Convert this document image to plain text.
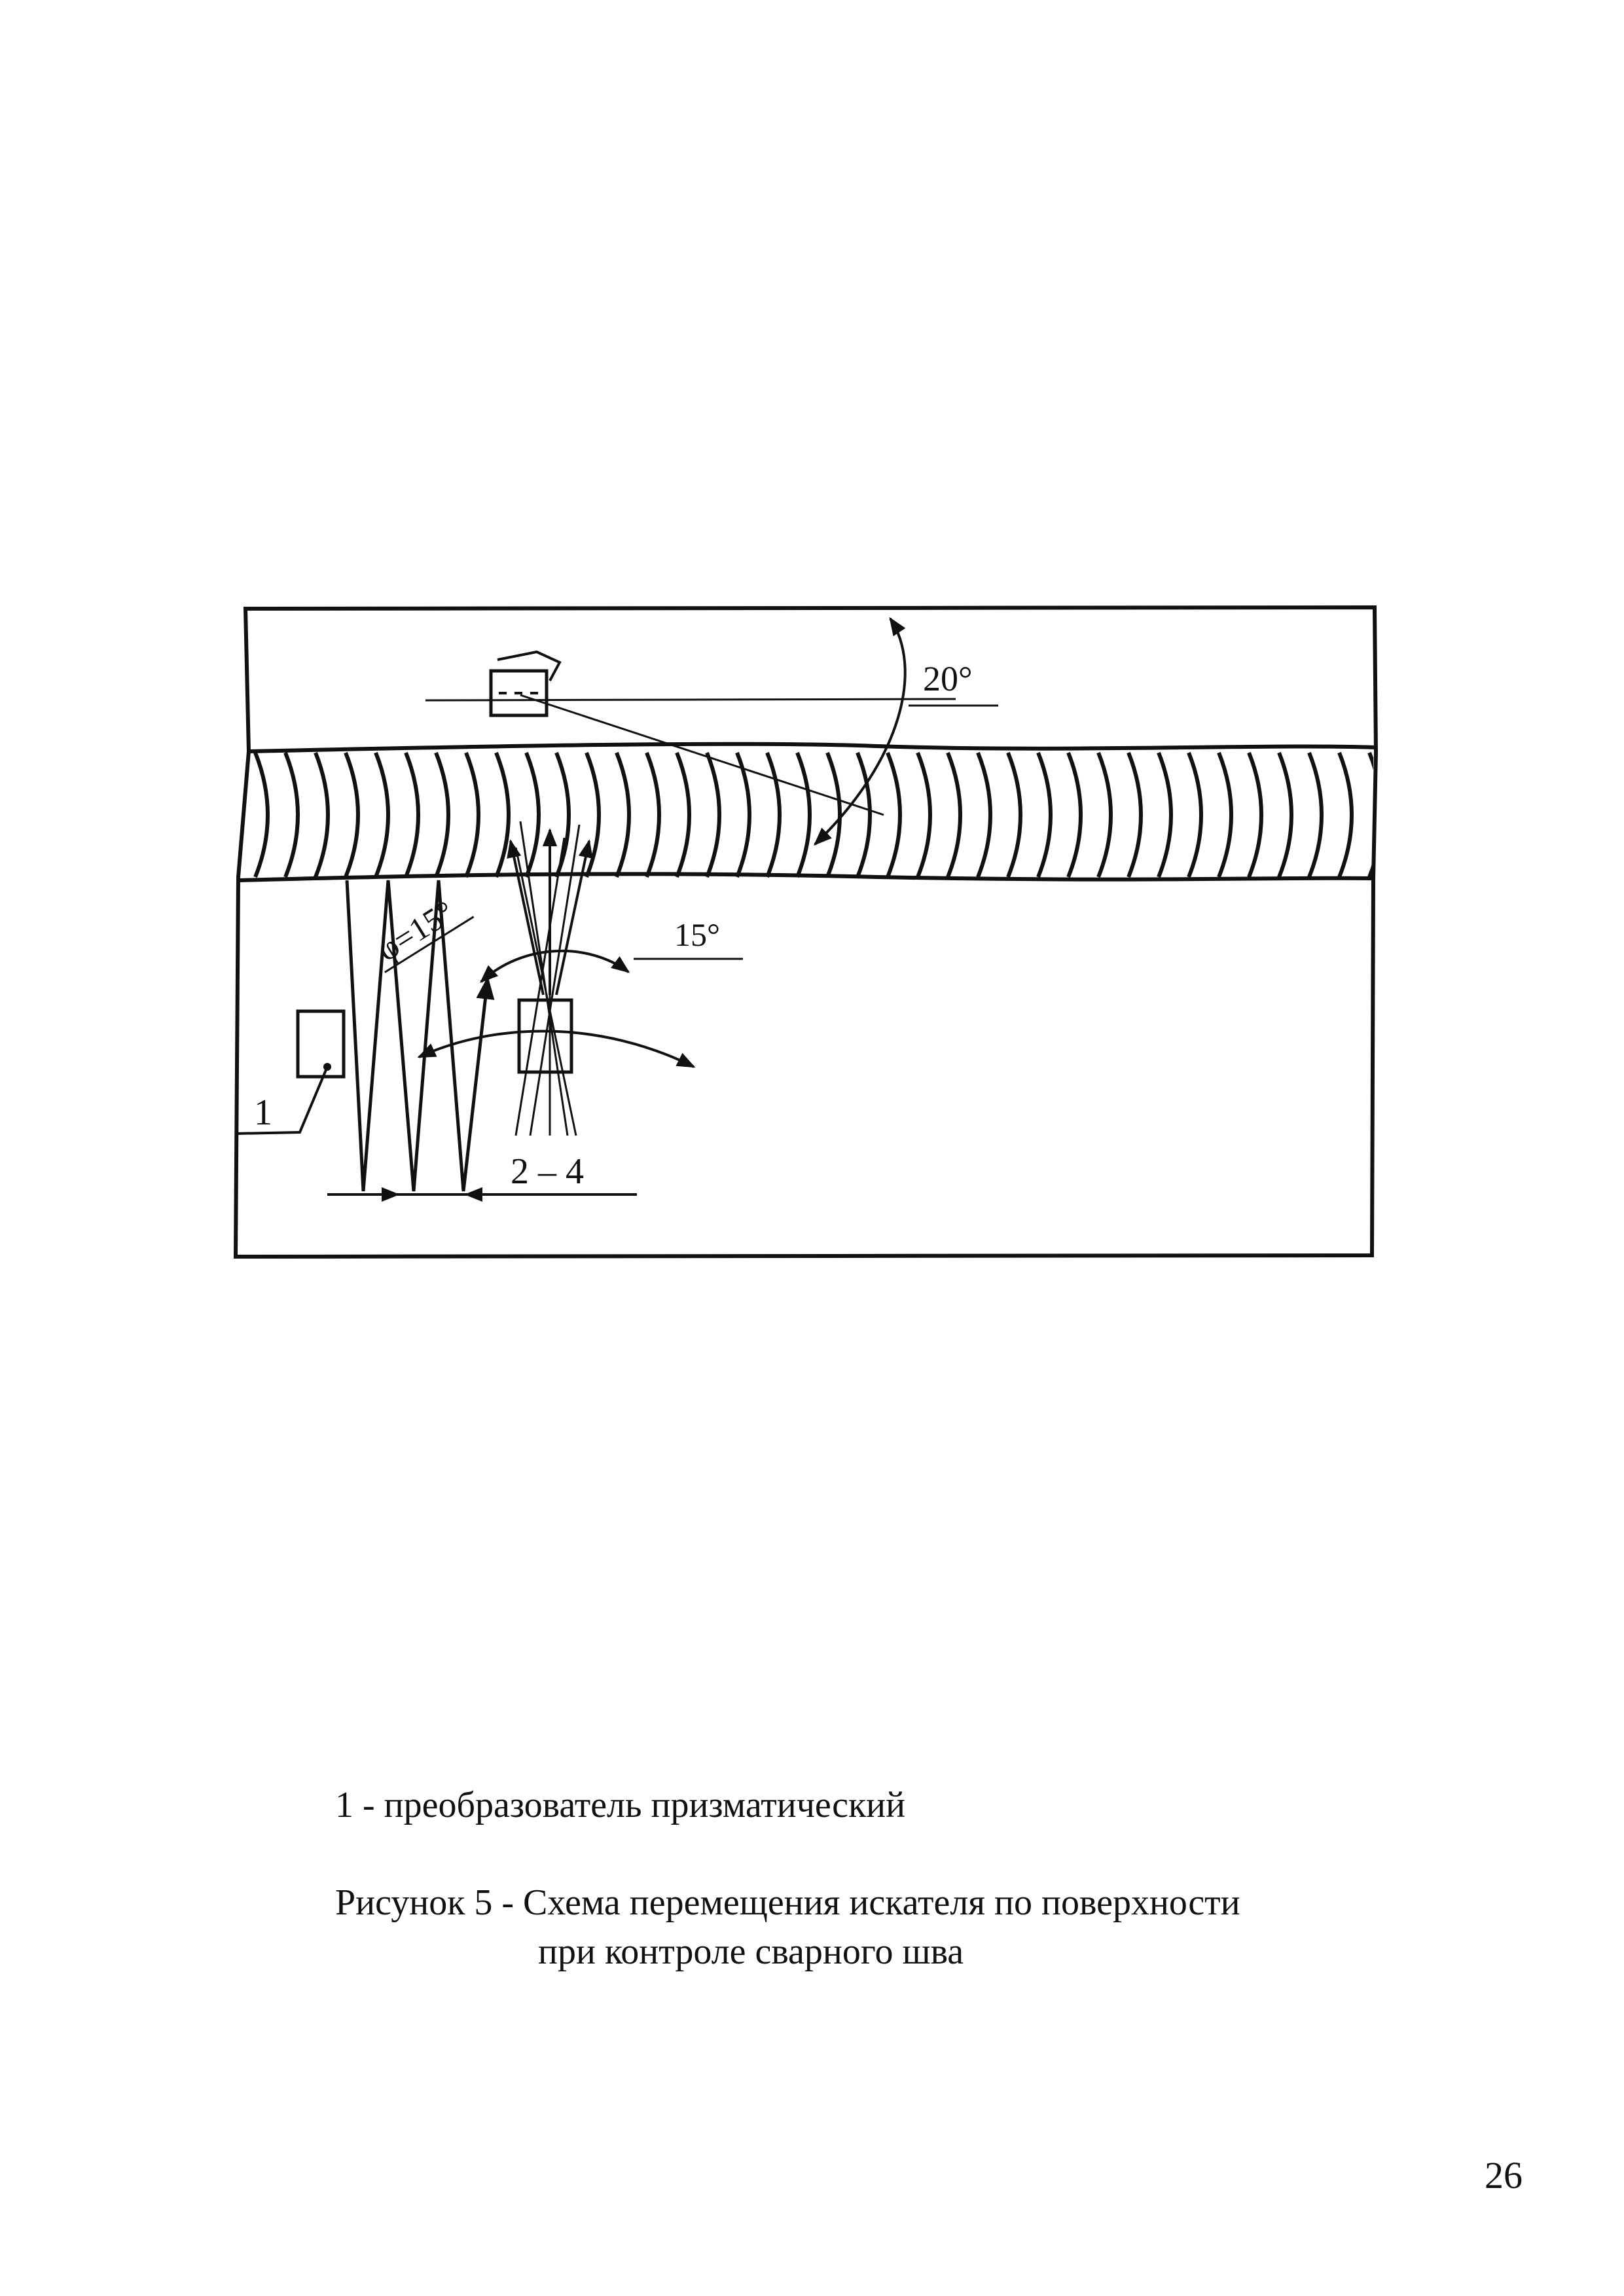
1
2 – 4
20°
φ=15°	15°
1 - преобразователь призматический
Рисунок 5 - Схема перемещения искателя по поверхности
при контроле сварного шва
26
